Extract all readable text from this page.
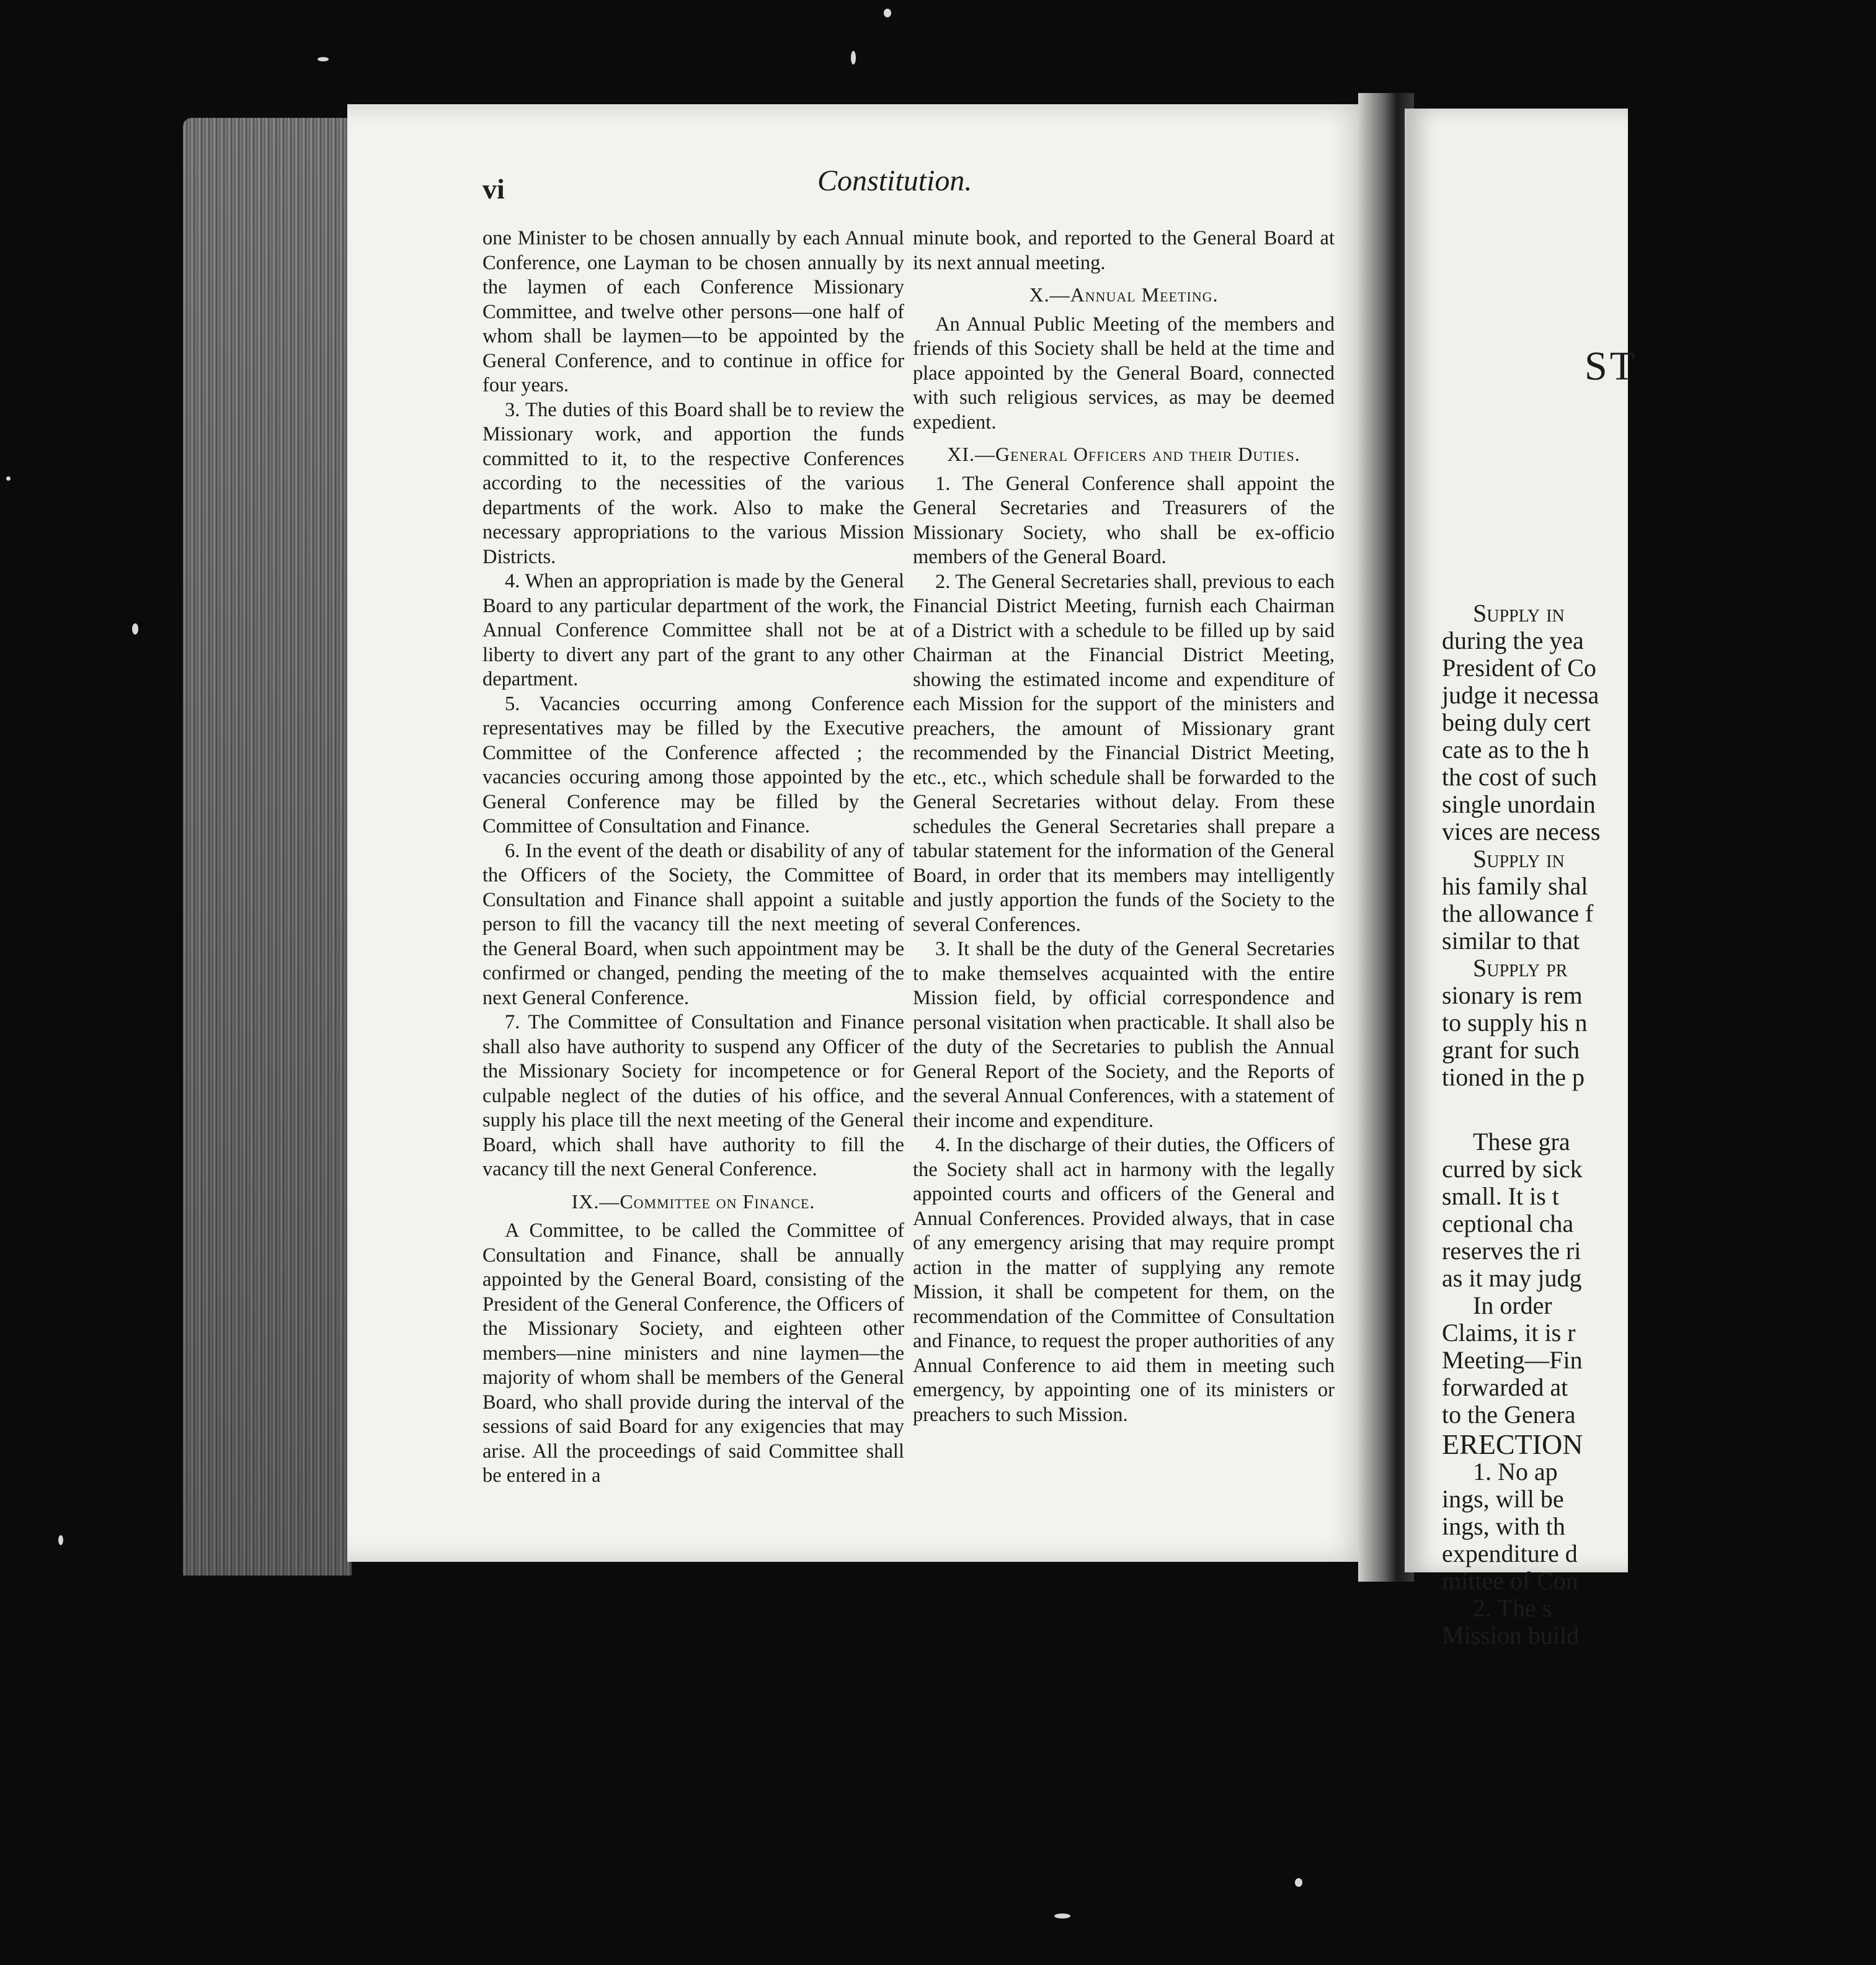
ST
Supply in
during the yea
President of Co
judge it necessa
being duly cert
cate as to the h
the cost of such
single unordain
vices are necess
Supply in
his family shal
the allowance f
similar to that
Supply pr
sionary is rem
to supply his n
grant for such
tioned in the p
These gra
curred by sick
small. It is t
ceptional cha
reserves the ri
as it may judg
In order
Claims, it is r
Meeting—Fin
forwarded at
to the Genera
ERECTION
1. No ap
ings, will be
ings, with th
expenditure d
mittee of Con
2. The s
Mission build
vi	Constitution.

one Minister to be chosen annually by each Annual Conference, one Layman to be chosen annually by the laymen of each Conference Missionary Committee, and twelve other persons—one half of whom shall be laymen—to be appointed by the General Conference, and to continue in office for four years.

3. The duties of this Board shall be to review the Missionary work, and apportion the funds committed to it, to the respective Conferences according to the necessities of the various departments of the work. Also to make the necessary appropriations to the various Mission Districts.

4. When an appropriation is made by the General Board to any particular department of the work, the Annual Conference Committee shall not be at liberty to divert any part of the grant to any other department.

5. Vacancies occurring among Conference representatives may be filled by the Executive Committee of the Conference affected ; the vacancies occuring among those appointed by the General Conference may be filled by the Committee of Consultation and Finance.

6. In the event of the death or disability of any of the Officers of the Society, the Committee of Consultation and Finance shall appoint a suitable person to fill the vacancy till the next meeting of the General Board, when such appointment may be confirmed or changed, pending the meeting of the next General Conference.

7. The Committee of Consultation and Finance shall also have authority to suspend any Officer of the Missionary Society for incompetence or for culpable neglect of the duties of his office, and supply his place till the next meeting of the General Board, which shall have authority to fill the vacancy till the next General Conference.

IX.—Committee on Finance.

A Committee, to be called the Committee of Consultation and Finance, shall be annually appointed by the General Board, consisting of the President of the General Conference, the Officers of the Missionary Society, and eighteen other members—nine ministers and nine laymen—the majority of whom shall be members of the General Board, who shall provide during the interval of the sessions of said Board for any exigencies that may arise. All the proceedings of said Committee shall be entered in a

minute book, and reported to the General Board at its next annual meeting.

X.—Annual Meeting.

An Annual Public Meeting of the members and friends of this Society shall be held at the time and place appointed by the General Board, connected with such religious services, as may be deemed expedient.

XI.—General Officers and their Duties.

1. The General Conference shall appoint the General Secretaries and Treasurers of the Missionary Society, who shall be ex-officio members of the General Board.

2. The General Secretaries shall, previous to each Financial District Meeting, furnish each Chairman of a District with a schedule to be filled up by said Chairman at the Financial District Meeting, showing the estimated income and expenditure of each Mission for the support of the ministers and preachers, the amount of Missionary grant recommended by the Financial District Meeting, etc., etc., which schedule shall be forwarded to the General Secretaries without delay. From these schedules the General Secretaries shall prepare a tabular statement for the information of the General Board, in order that its members may intelligently and justly apportion the funds of the Society to the several Conferences.

3. It shall be the duty of the General Secretaries to make themselves acquainted with the entire Mission field, by official correspondence and personal visitation when practicable. It shall also be the duty of the Secretaries to publish the Annual General Report of the Society, and the Reports of the several Annual Conferences, with a statement of their income and expenditure.

4. In the discharge of their duties, the Officers of the Society shall act in harmony with the legally appointed courts and officers of the General and Annual Conferences. Provided always, that in case of any emergency arising that may require prompt action in the matter of supplying any remote Mission, it shall be competent for them, on the recommendation of the Committee of Consultation and Finance, to request the proper authorities of any Annual Conference to aid them in meeting such emergency, by appointing one of its ministers or preachers to such Mission.
